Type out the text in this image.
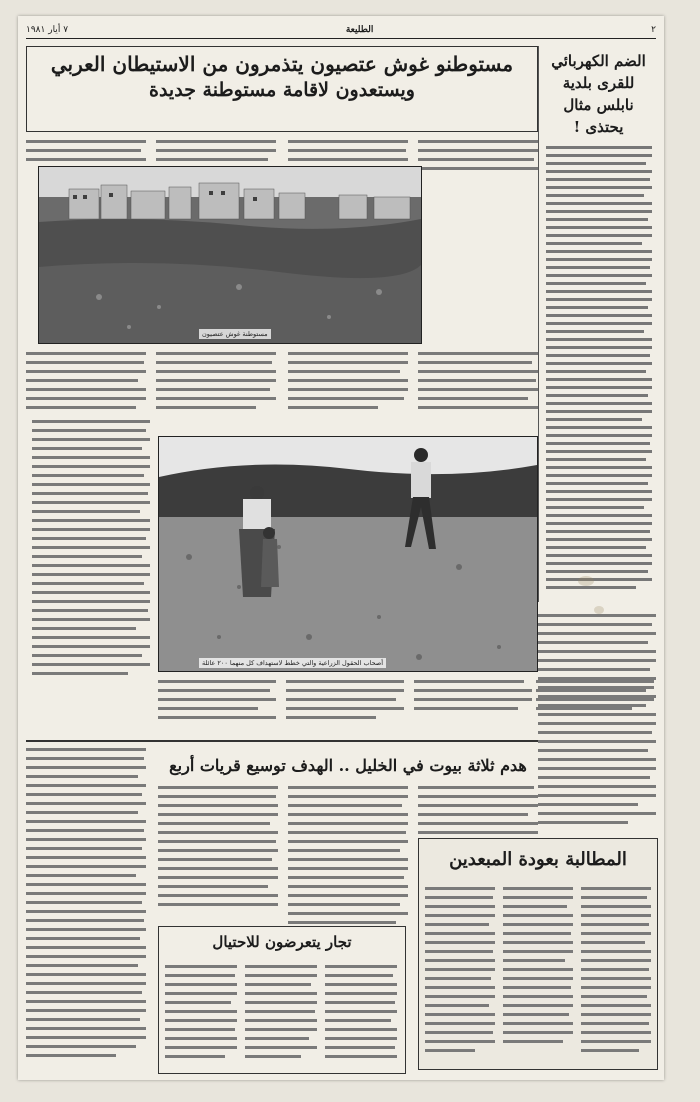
٢
الطليعة
٧ أيار ١٩٨١
مستوطنو غوش عتصيون يتذمرون من الاستيطان العربي
ويستعدون لاقامة مستوطنة جديدة
الضم الكهربائي للقرى بلدية نابلس مثال يحتذى !
مستوطنة غوش عتصيون
أصحاب الحقول الزراعية والتي خطط لاستهداف كل منهما ٢٠٠ عائلة
هدم ثلاثة بيوت في الخليل .. الهدف توسيع قريات أربع
تجار يتعرضون للاحتيال
المطالبة بعودة المبعدين
